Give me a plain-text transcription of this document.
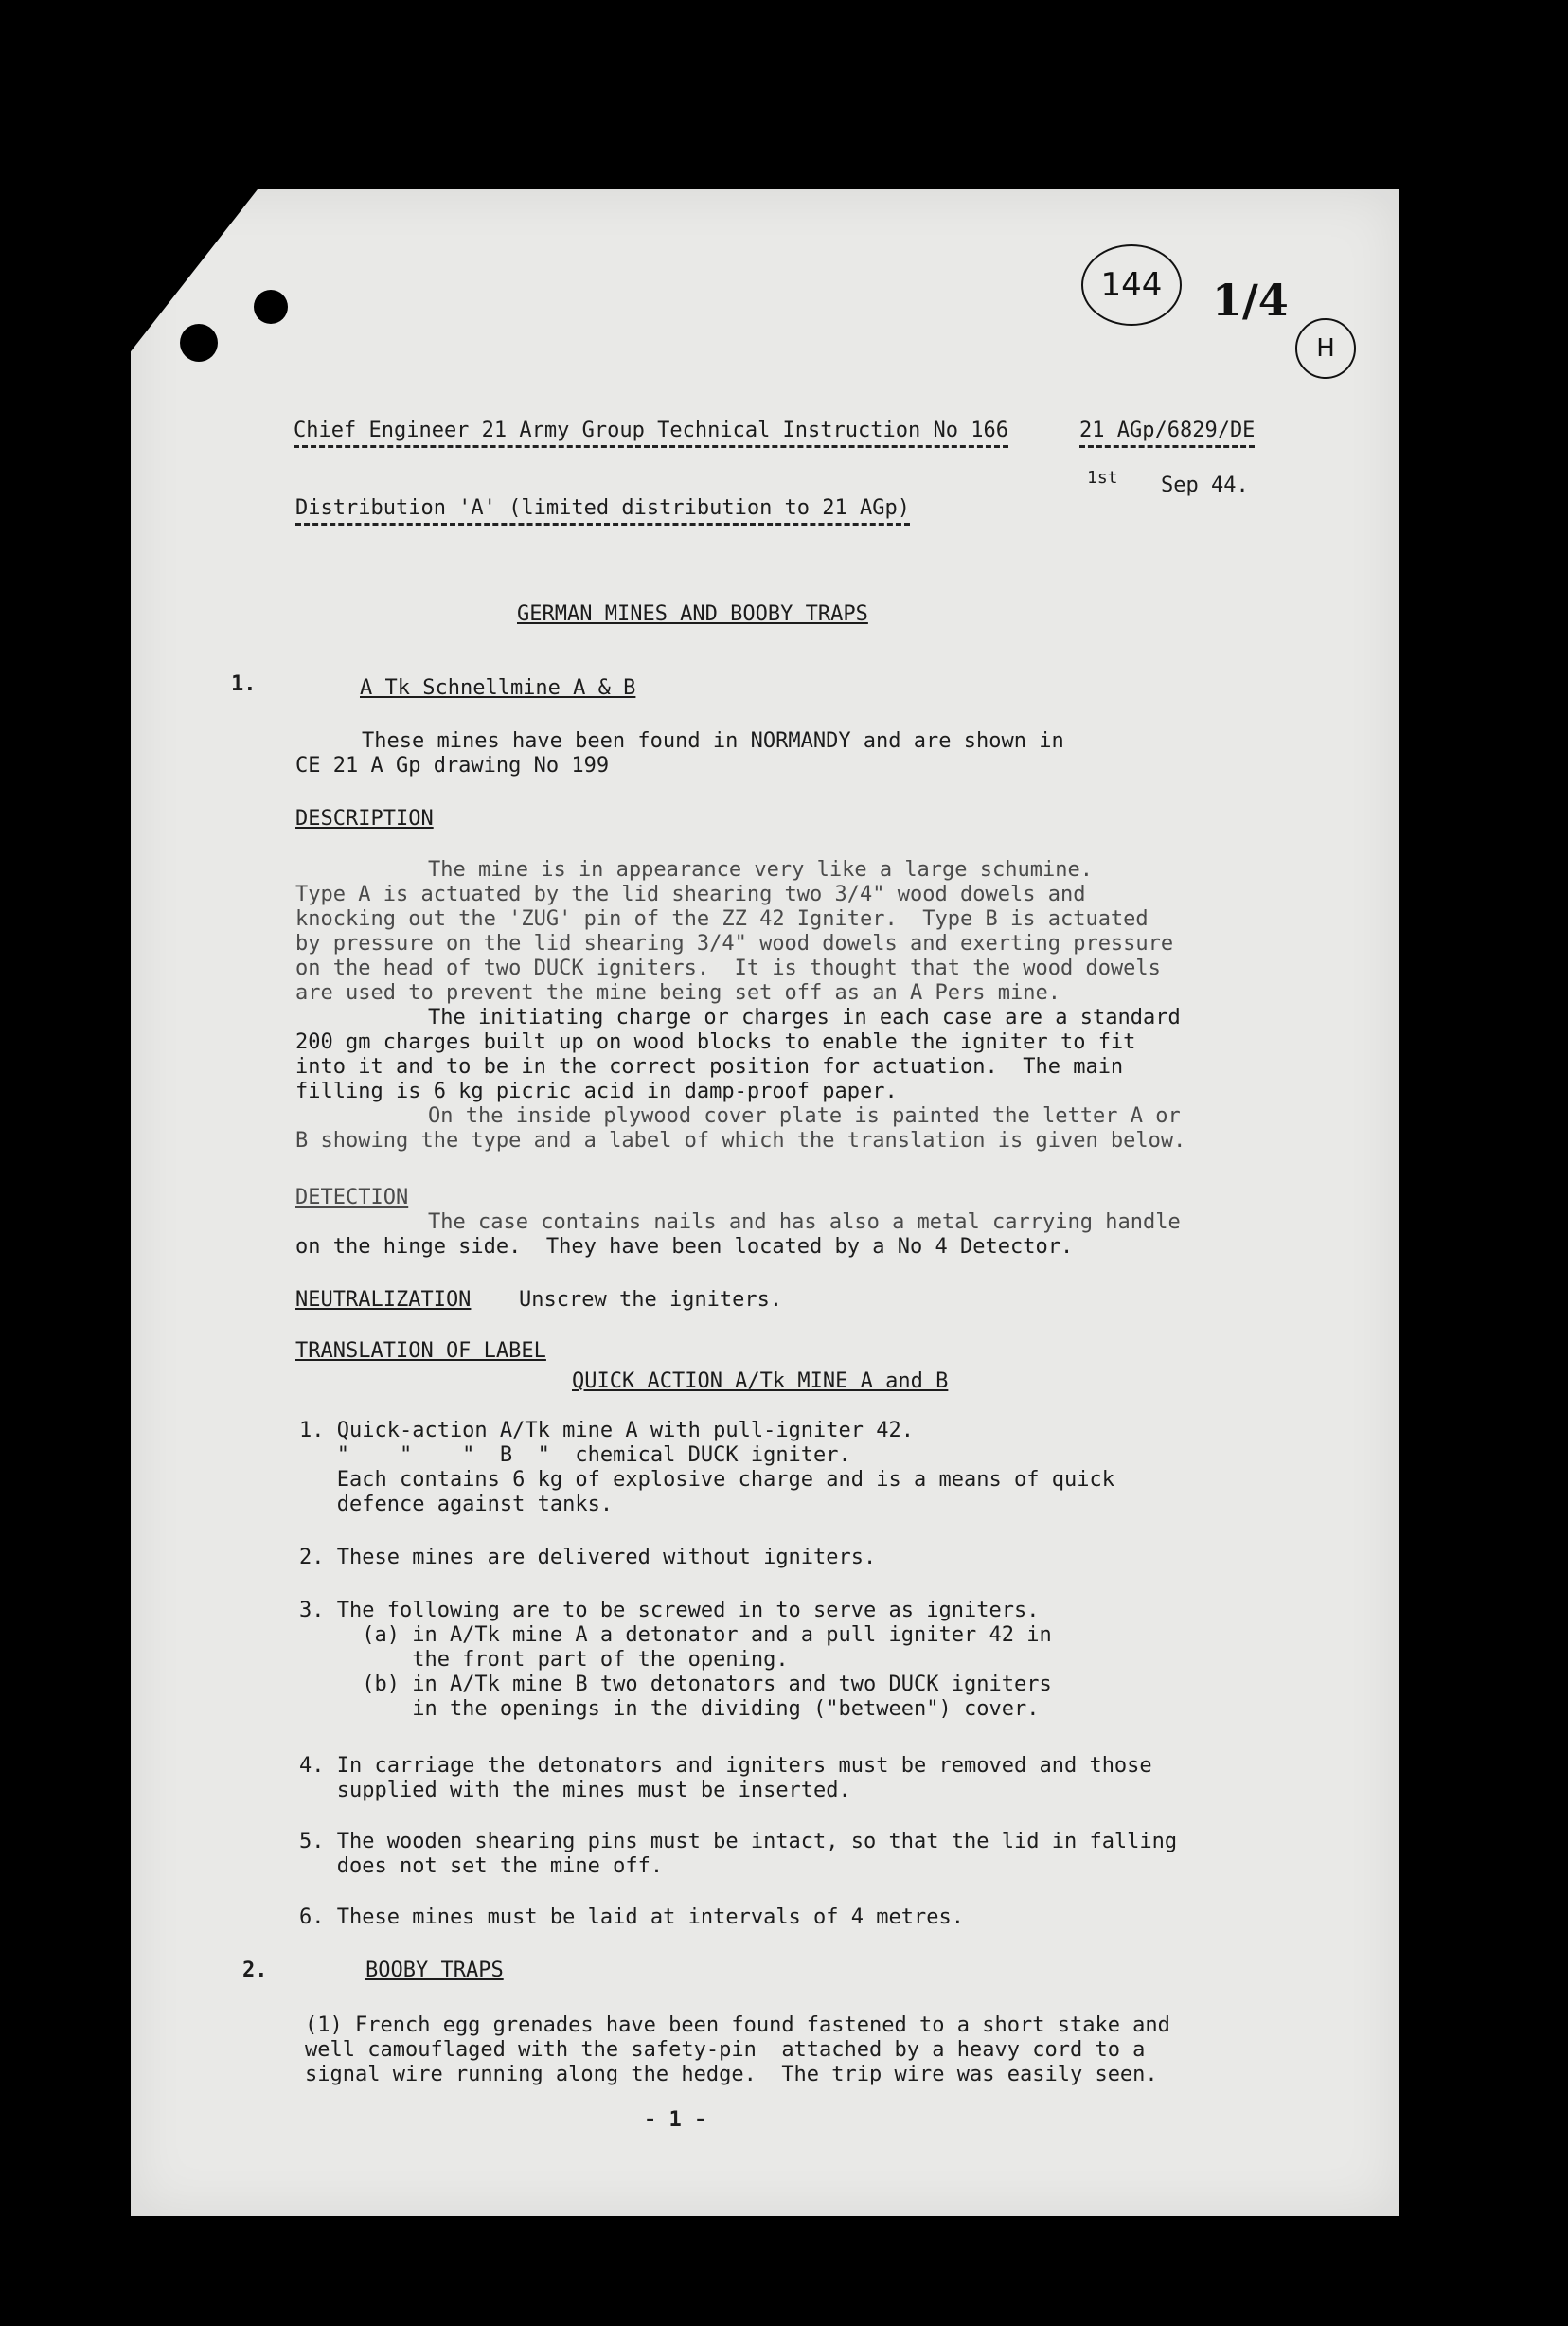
144 1/4
H
Chief Engineer 21 Army Group Technical Instruction No 166	21 AGp/6829/DE
1st Sep 44.
Distribution 'A' (limited distribution to 21 AGp)
GERMAN MINES AND BOOBY TRAPS
1.	A Tk Schnellmine A & B
These mines have been found in NORMANDY and are shown in
CE 21 A Gp drawing No 199
DESCRIPTION
The mine is in appearance very like a large schumine.
Type A is actuated by the lid shearing two 3/4" wood dowels and
knocking out the 'ZUG' pin of the ZZ 42 Igniter.  Type B is actuated
by pressure on the lid shearing 3/4" wood dowels and exerting pressure
on the head of two DUCK igniters.  It is thought that the wood dowels
are used to prevent the mine being set off as an A Pers mine.
The initiating charge or charges in each case are a standard
200 gm charges built up on wood blocks to enable the igniter to fit
into it and to be in the correct position for actuation.  The main
filling is 6 kg picric acid in damp-proof paper.
On the inside plywood cover plate is painted the letter A or
B showing the type and a label of which the translation is given below.
DETECTION
The case contains nails and has also a metal carrying handle
on the hinge side.  They have been located by a No 4 Detector.
NEUTRALIZATION Unscrew the igniters.
TRANSLATION OF LABEL
QUICK ACTION A/Tk MINE A and B
1. Quick-action A/Tk mine A with pull-igniter 42.
"    "    "  B  "  chemical DUCK igniter.
Each contains 6 kg of explosive charge and is a means of quick
defence against tanks.
2. These mines are delivered without igniters.
3. The following are to be screwed in to serve as igniters.
(a) in A/Tk mine A a detonator and a pull igniter 42 in
the front part of the opening.
(b) in A/Tk mine B two detonators and two DUCK igniters
in the openings in the dividing ("between") cover.
4. In carriage the detonators and igniters must be removed and those
supplied with the mines must be inserted.
5. The wooden shearing pins must be intact, so that the lid in falling
does not set the mine off.
6. These mines must be laid at intervals of 4 metres.
2.	BOOBY TRAPS
(1) French egg grenades have been found fastened to a short stake and
well camouflaged with the safety-pin  attached by a heavy cord to a
signal wire running along the hedge.  The trip wire was easily seen.
- 1 -
